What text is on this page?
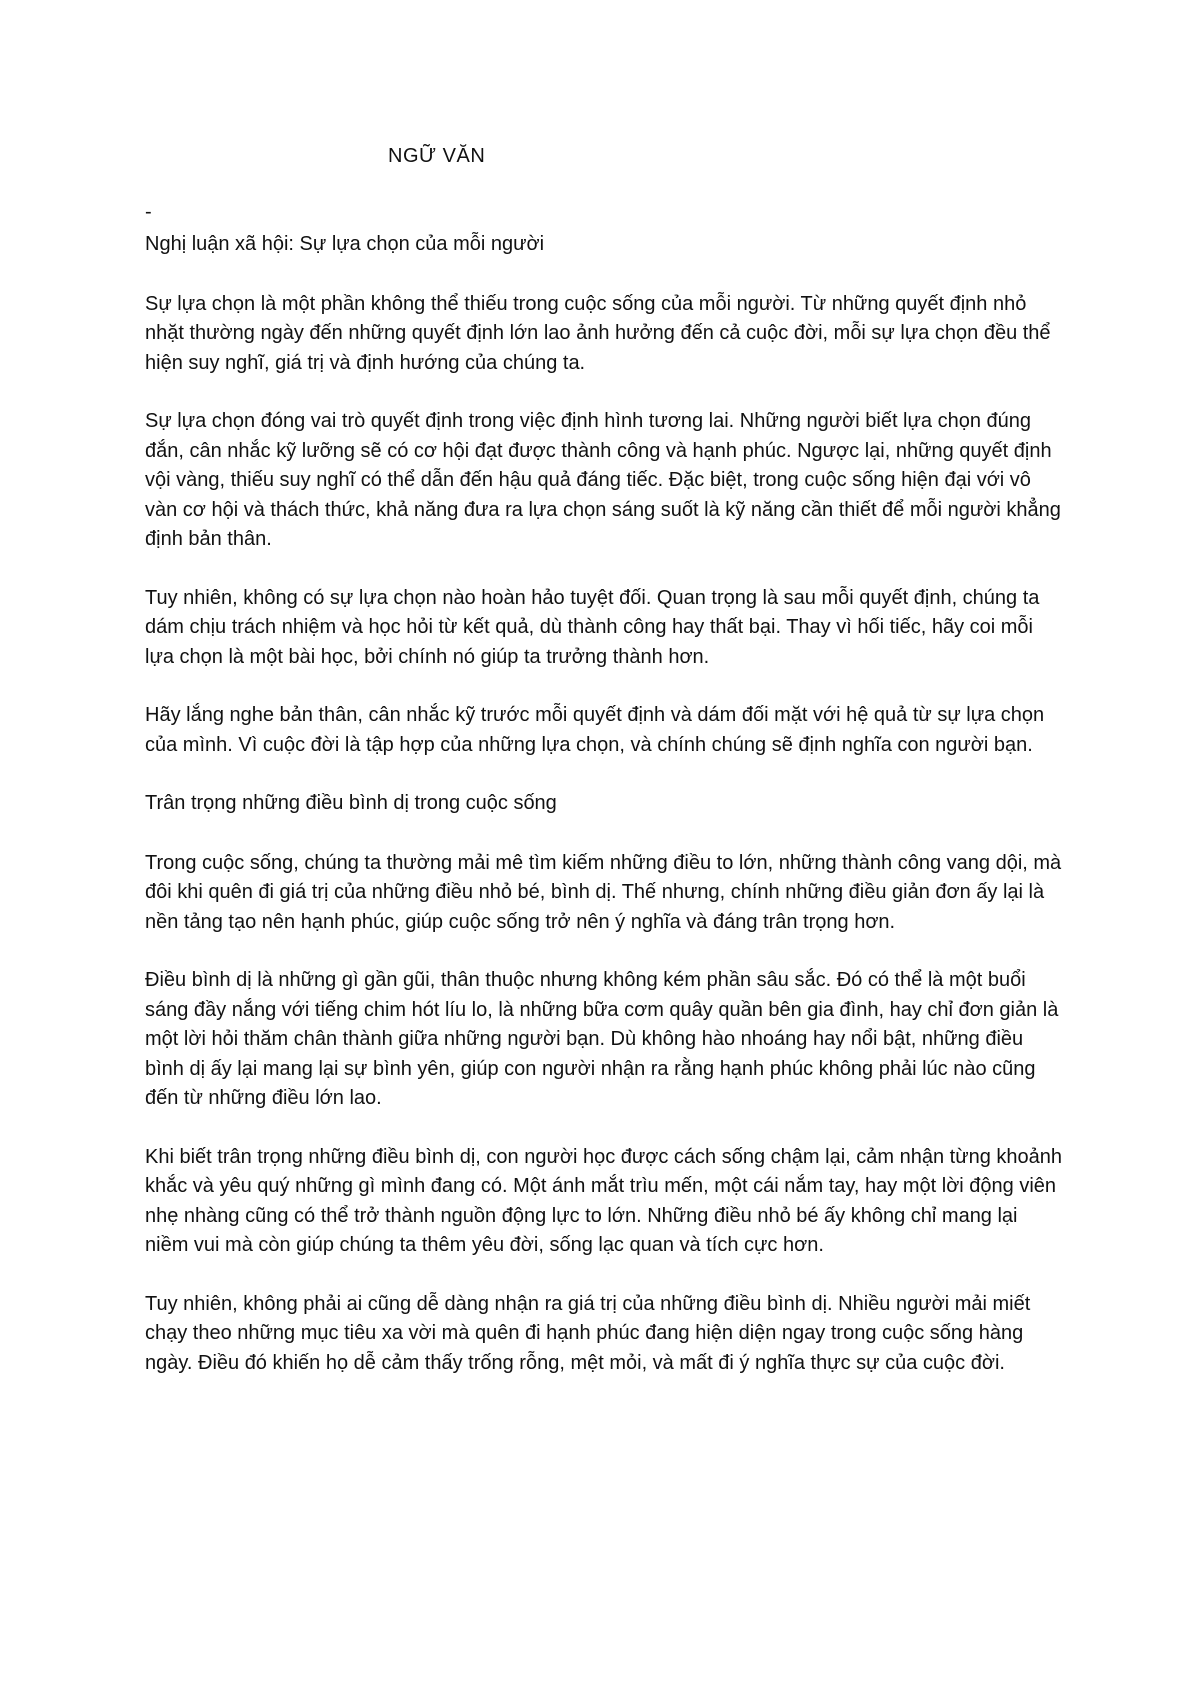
NGỮ VĂN
-

Nghị luận xã hội: Sự lựa chọn của mỗi người

Sự lựa chọn là một phần không thể thiếu trong cuộc sống của mỗi người. Từ những quyết định nhỏ nhặt thường ngày đến những quyết định lớn lao ảnh hưởng đến cả cuộc đời, mỗi sự lựa chọn đều thể hiện suy nghĩ, giá trị và định hướng của chúng ta.

Sự lựa chọn đóng vai trò quyết định trong việc định hình tương lai. Những người biết lựa chọn đúng đắn, cân nhắc kỹ lưỡng sẽ có cơ hội đạt được thành công và hạnh phúc. Ngược lại, những quyết định vội vàng, thiếu suy nghĩ có thể dẫn đến hậu quả đáng tiếc. Đặc biệt, trong cuộc sống hiện đại với vô vàn cơ hội và thách thức, khả năng đưa ra lựa chọn sáng suốt là kỹ năng cần thiết để mỗi người khẳng định bản thân.

Tuy nhiên, không có sự lựa chọn nào hoàn hảo tuyệt đối. Quan trọng là sau mỗi quyết định, chúng ta dám chịu trách nhiệm và học hỏi từ kết quả, dù thành công hay thất bại. Thay vì hối tiếc, hãy coi mỗi lựa chọn là một bài học, bởi chính nó giúp ta trưởng thành hơn.

Hãy lắng nghe bản thân, cân nhắc kỹ trước mỗi quyết định và dám đối mặt với hệ quả từ sự lựa chọn của mình. Vì cuộc đời là tập hợp của những lựa chọn, và chính chúng sẽ định nghĩa con người bạn.

Trân trọng những điều bình dị trong cuộc sống

Trong cuộc sống, chúng ta thường mải mê tìm kiếm những điều to lớn, những thành công vang dội, mà đôi khi quên đi giá trị của những điều nhỏ bé, bình dị. Thế nhưng, chính những điều giản đơn ấy lại là nền tảng tạo nên hạnh phúc, giúp cuộc sống trở nên ý nghĩa và đáng trân trọng hơn.

Điều bình dị là những gì gần gũi, thân thuộc nhưng không kém phần sâu sắc. Đó có thể là một buổi sáng đầy nắng với tiếng chim hót líu lo, là những bữa cơm quây quần bên gia đình, hay chỉ đơn giản là một lời hỏi thăm chân thành giữa những người bạn. Dù không hào nhoáng hay nổi bật, những điều bình dị ấy lại mang lại sự bình yên, giúp con người nhận ra rằng hạnh phúc không phải lúc nào cũng đến từ những điều lớn lao.

Khi biết trân trọng những điều bình dị, con người học được cách sống chậm lại, cảm nhận từng khoảnh khắc và yêu quý những gì mình đang có. Một ánh mắt trìu mến, một cái nắm tay, hay một lời động viên nhẹ nhàng cũng có thể trở thành nguồn động lực to lớn. Những điều nhỏ bé ấy không chỉ mang lại niềm vui mà còn giúp chúng ta thêm yêu đời, sống lạc quan và tích cực hơn.

Tuy nhiên, không phải ai cũng dễ dàng nhận ra giá trị của những điều bình dị. Nhiều người mải miết chạy theo những mục tiêu xa vời mà quên đi hạnh phúc đang hiện diện ngay trong cuộc sống hàng ngày. Điều đó khiến họ dễ cảm thấy trống rỗng, mệt mỏi, và mất đi ý nghĩa thực sự của cuộc đời.
